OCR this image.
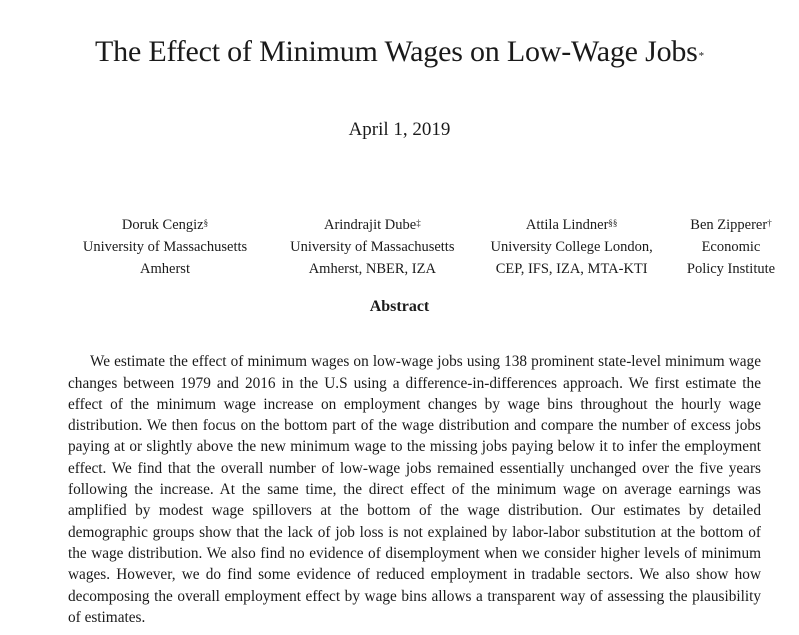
The Effect of Minimum Wages on Low-Wage Jobs*
April 1, 2019
Doruk Cengiz§
University of Massachusetts
Amherst
Arindrajit Dube‡
University of Massachusetts
Amherst, NBER, IZA
Attila Lindner§§
University College London,
CEP, IFS, IZA, MTA-KTI
Ben Zipperer†
Economic
Policy Institute
Abstract

We estimate the effect of minimum wages on low-wage jobs using 138 prominent state-level minimum wage changes between 1979 and 2016 in the U.S using a difference-in-differences approach. We first estimate the effect of the minimum wage increase on employment changes by wage bins throughout the hourly wage distribution. We then focus on the bottom part of the wage distribution and compare the number of excess jobs paying at or slightly above the new minimum wage to the missing jobs paying below it to infer the employment effect. We find that the overall number of low-wage jobs remained essentially unchanged over the five years following the increase. At the same time, the direct effect of the minimum wage on average earnings was amplified by modest wage spillovers at the bottom of the wage distribution. Our estimates by detailed demographic groups show that the lack of job loss is not explained by labor-labor substitution at the bottom of the wage distribution. We also find no evidence of disemployment when we consider higher levels of minimum wages. However, we do find some evidence of reduced employment in tradable sectors. We also show how decomposing the overall employment effect by wage bins allows a transparent way of assessing the plausibility of estimates.
